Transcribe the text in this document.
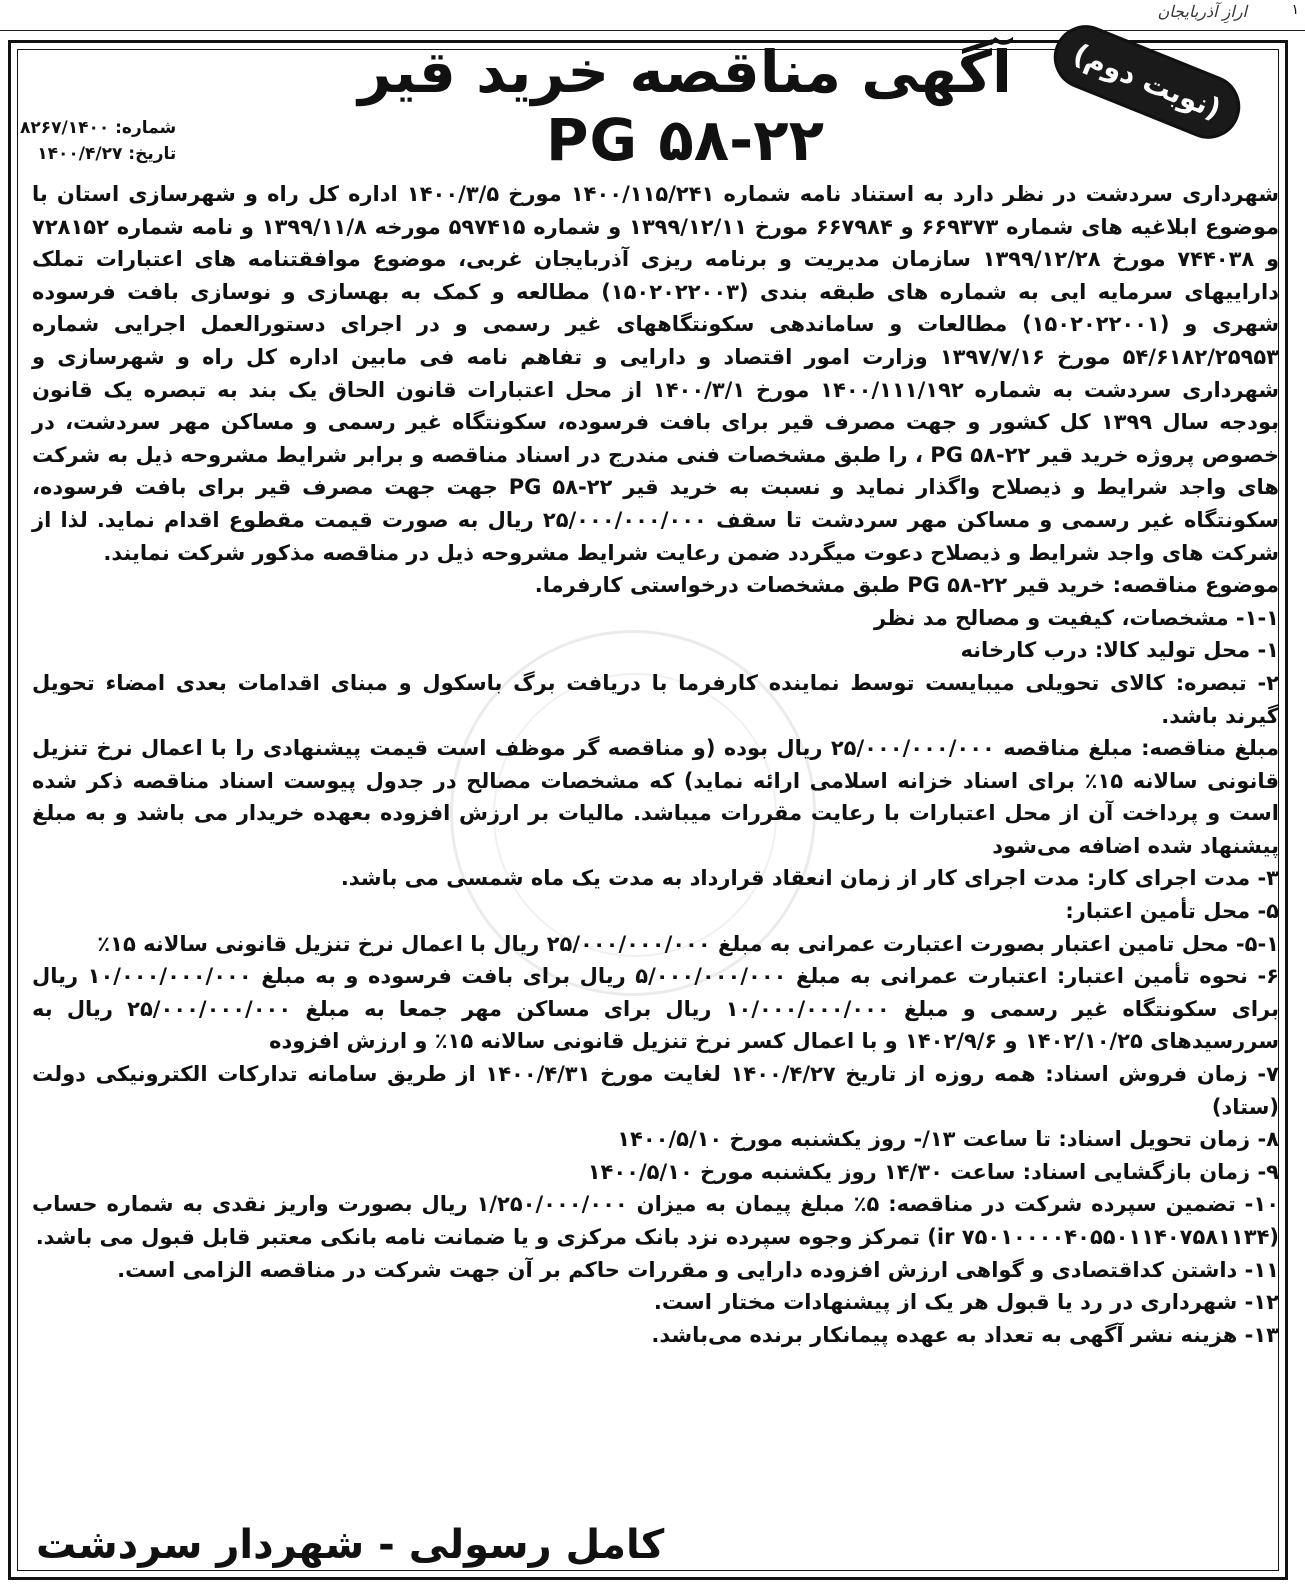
ارازِ آذربایجان	١
(نوبت دوم)
آگهی مناقصه خرید قیر ۲۲-۵۸ PG
شماره: ۸۲۶۷/۱۴۰۰
تاریخ: ۱۴۰۰/۴/۲۷

شهرداری سردشت در نظر دارد به استناد نامه شماره ۱۴۰۰/۱۱۵/۲۴۱ مورخ ۱۴۰۰/۳/۵ اداره کل راه و شهرسازی استان با موضوع ابلاغیه های شماره ۶۶۹۳۷۳ و ۶۶۷۹۸۴ مورخ ۱۳۹۹/۱۲/۱۱ و شماره ۵۹۷۴۱۵ مورخه ۱۳۹۹/۱۱/۸ و نامه شماره ۷۲۸۱۵۲ و ۷۴۴۰۳۸ مورخ ۱۳۹۹/۱۲/۲۸ سازمان مدیریت و برنامه ریزی آذربایجان غربی، موضوع موافقتنامه های اعتبارات تملک داراییهای سرمایه ایی به شماره های طبقه بندی (۱۵۰۲۰۲۲۰۰۳) مطالعه و کمک به بهسازی و نوسازی بافت فرسوده شهری و (۱۵۰۲۰۲۲۰۰۱) مطالعات و ساماندهی سکونتگاههای غیر رسمی و در اجرای دستورالعمل اجرایی شماره ۵۴/۶۱۸۲/۲۵۹۵۳ مورخ ۱۳۹۷/۷/۱۶ وزارت امور اقتصاد و دارایی و تفاهم نامه فی مابین اداره کل راه و شهرسازی و شهرداری سردشت به شماره ۱۴۰۰/۱۱۱/۱۹۲ مورخ ۱۴۰۰/۳/۱ از محل اعتبارات قانون الحاق یک بند به تبصره یک قانون بودجه سال ۱۳۹۹ کل کشور و جهت مصرف قیر برای بافت فرسوده، سکونتگاه غیر رسمی و مساکن مهر سردشت، در خصوص پروژه خرید قیر ۲۲-۵۸ PG ، را طبق مشخصات فنی مندرج در اسناد مناقصه و برابر شرایط مشروحه ذیل به شرکت های واجد شرایط و ذیصلاح واگذار نماید و نسبت به خرید قیر ۲۲-۵۸ PG جهت جهت مصرف قیر برای بافت فرسوده، سکونتگاه غیر رسمی و مساکن مهر سردشت تا سقف ۲۵/۰۰۰/۰۰۰/۰۰۰ ریال به صورت قیمت مقطوع اقدام نماید. لذا از شرکت های واجد شرایط و ذیصلاح دعوت میگردد ضمن رعایت شرایط مشروحه ذیل در مناقصه مذکور شرکت نمایند.

موضوع مناقصه: خرید قیر ۲۲-۵۸ PG طبق مشخصات درخواستی کارفرما.
۱-۱- مشخصات، کیفیت و مصالح مد نظر
۱- محل تولید کالا: درب کارخانه
۲- تبصره: کالای تحویلی میبایست توسط نماینده کارفرما با دریافت برگ باسکول و مبنای اقدامات بعدی امضاء تحویل گیرند باشد.
مبلغ مناقصه: مبلغ مناقصه ۲۵/۰۰۰/۰۰۰/۰۰۰ ریال بوده (و مناقصه گر موظف است قیمت پیشنهادی را با اعمال نرخ تنزیل قانونی سالانه ۱۵٪ برای اسناد خزانه اسلامی ارائه نماید) که مشخصات مصالح در جدول پیوست اسناد مناقصه ذکر شده است و پرداخت آن از محل اعتبارات با رعایت مقررات میباشد. مالیات بر ارزش افزوده بعهده خریدار می باشد و به مبلغ پیشنهاد شده اضافه می‌شود
۳- مدت اجرای کار: مدت اجرای کار از زمان انعقاد قرارداد به مدت یک ماه شمسی می باشد.
۵- محل تأمین اعتبار:
۵-۱- محل تامین اعتبار بصورت اعتبارت عمرانی به مبلغ ۲۵/۰۰۰/۰۰۰/۰۰۰ ریال با اعمال نرخ تنزیل قانونی سالانه ۱۵٪
۶- نحوه تأمین اعتبار: اعتبارت عمرانی به مبلغ ۵/۰۰۰/۰۰۰/۰۰۰ ریال برای بافت فرسوده و به مبلغ ۱۰/۰۰۰/۰۰۰/۰۰۰ ریال برای سکونتگاه غیر رسمی و مبلغ ۱۰/۰۰۰/۰۰۰/۰۰۰ ریال برای مساکن مهر جمعا به مبلغ ۲۵/۰۰۰/۰۰۰/۰۰۰ ریال به سررسیدهای ۱۴۰۲/۱۰/۲۵ و ۱۴۰۲/۹/۶ و با اعمال کسر نرخ تنزیل قانونی سالانه ۱۵٪ و ارزش افزوده
۷- زمان فروش اسناد: همه روزه از تاریخ ۱۴۰۰/۴/۲۷ لغایت مورخ ۱۴۰۰/۴/۳۱ از طریق سامانه تدارکات الکترونیکی دولت (ستاد)
۸- زمان تحویل اسناد: تا ساعت ۱۳/- روز یکشنبه مورخ ۱۴۰۰/۵/۱۰
۹- زمان بازگشایی اسناد: ساعت ۱۴/۳۰ روز یکشنبه مورخ ۱۴۰۰/۵/۱۰
۱۰- تضمین سپرده شرکت در مناقصه: ۵٪ مبلغ پیمان به میزان ۱/۲۵۰/۰۰۰/۰۰۰ ریال بصورت واریز نقدی به شماره حساب (ir ۷۵۰۱۰۰۰۰۴۰۵۵۰۱۱۴۰۷۵۸۱۱۳۴) تمرکز وجوه سپرده نزد بانک مرکزی و یا ضمانت نامه بانکی معتبر قابل قبول می باشد.
۱۱- داشتن کداقتصادی و گواهی ارزش افزوده دارایی و مقررات حاکم بر آن جهت شرکت در مناقصه الزامی است.
۱۲- شهرداری در رد یا قبول هر یک از پیشنهادات مختار است.
۱۳- هزینه نشر آگهی به تعداد به عهده پیمانکار برنده می‌باشد.
کامل رسولی - شهردار سردشت
